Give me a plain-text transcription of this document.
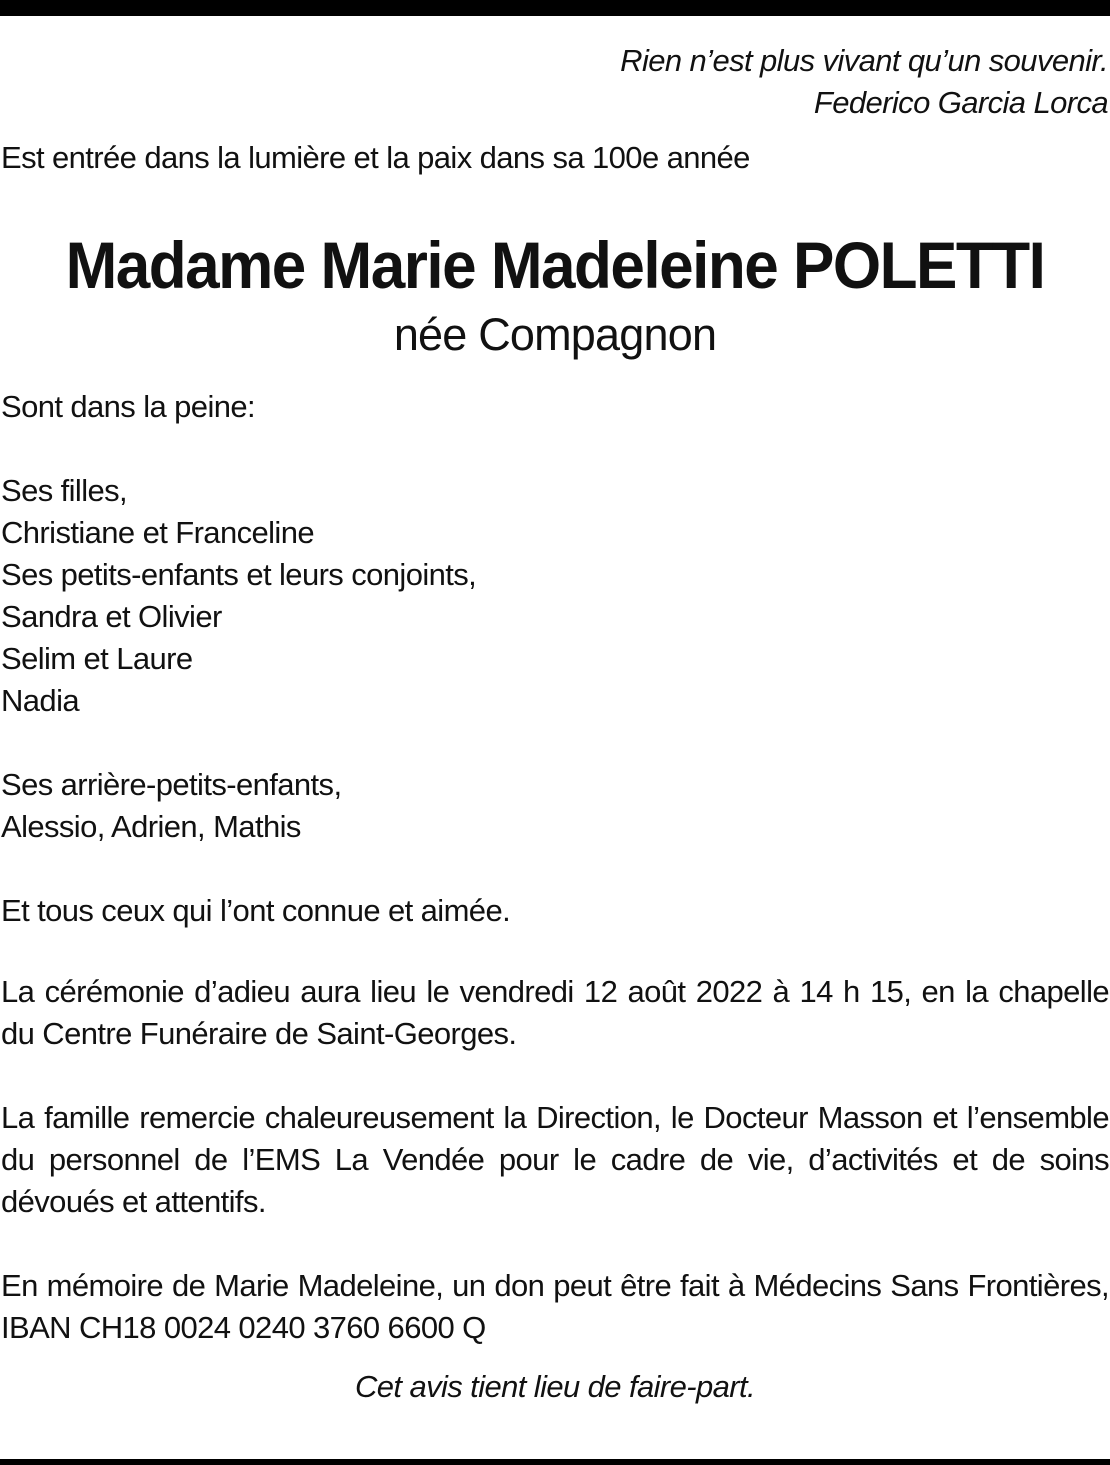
Rien n’est plus vivant qu’un souvenir.

Federico Garcia Lorca

Est entrée dans la lumière et la paix dans sa 100e année

Madame Marie Madeleine POLETTI

née Compagnon

Sont dans la peine:

Ses filles,

Christiane et Franceline

Ses petits-enfants et leurs conjoints,

Sandra et Olivier

Selim et Laure

Nadia

Ses arrière-petits-enfants,

Alessio, Adrien, Mathis

Et tous ceux qui l’ont connue et aimée.

La cérémonie d’adieu aura lieu le vendredi 12 août 2022 à 14 h 15, en la chapelle du Centre Funéraire de Saint-Georges.

La famille remercie chaleureusement la Direction, le Docteur Masson et l’ensemble du personnel de l’EMS La Vendée pour le cadre de vie, d’activités et de soins dévoués et attentifs.

En mémoire de Marie Madeleine, un don peut être fait à Médecins Sans Frontières, IBAN CH18 0024 0240 3760 6600 Q

Cet avis tient lieu de faire-part.
